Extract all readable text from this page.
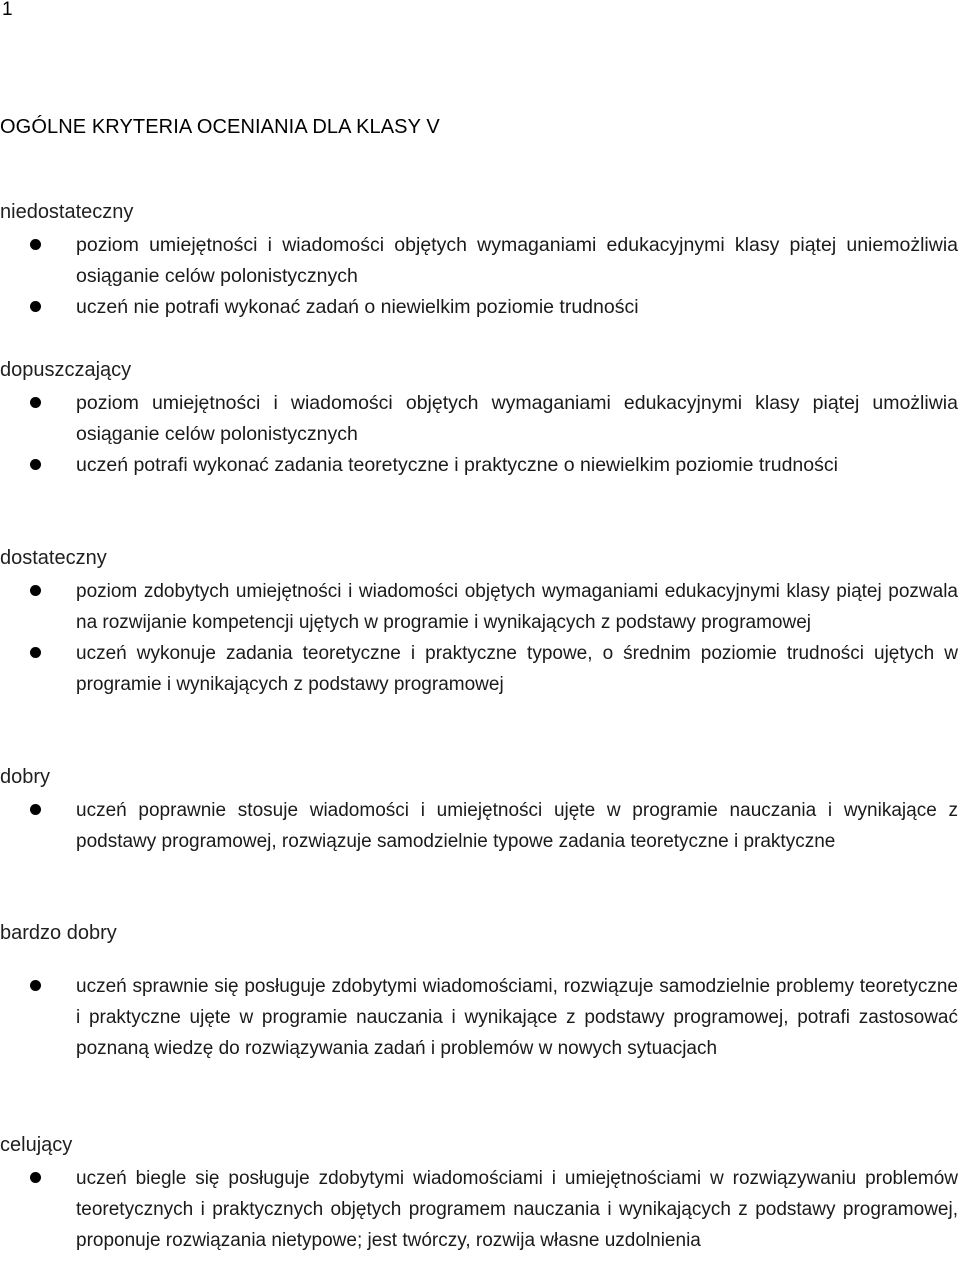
1
OGÓLNE KRYTERIA OCENIANIA DLA KLASY V
niedostateczny
poziom umiejętności i wiadomości objętych wymaganiami edukacyjnymi klasy piątej uniemożliwia osiąganie celów polonistycznych
uczeń nie potrafi wykonać zadań o niewielkim poziomie trudności
dopuszczający
poziom umiejętności i wiadomości objętych wymaganiami edukacyjnymi klasy piątej umożliwia osiąganie celów polonistycznych
uczeń potrafi wykonać zadania teoretyczne i praktyczne o niewielkim poziomie trudności
dostateczny
poziom zdobytych umiejętności i wiadomości objętych wymaganiami edukacyjnymi klasy piątej pozwala na rozwijanie kompetencji ujętych w programie i wynikających z podstawy programowej
uczeń wykonuje zadania teoretyczne i praktyczne typowe, o średnim poziomie trudności ujętych w programie i wynikających z podstawy programowej
dobry
uczeń poprawnie stosuje wiadomości i umiejętności ujęte w programie nauczania i wynikające z podstawy programowej, rozwiązuje samodzielnie typowe zadania teoretyczne i praktyczne
bardzo dobry
uczeń sprawnie się posługuje zdobytymi wiadomościami, rozwiązuje samodzielnie problemy teoretyczne i praktyczne ujęte w programie nauczania i wynikające z podstawy programowej, potrafi zastosować poznaną wiedzę do rozwiązywania zadań i problemów w nowych sytuacjach
celujący
uczeń biegle się posługuje zdobytymi wiadomościami i umiejętnościami w rozwiązywaniu problemów teoretycznych i praktycznych objętych programem nauczania i wynikających z podstawy programowej, proponuje rozwiązania nietypowe; jest twórczy, rozwija własne uzdolnienia
